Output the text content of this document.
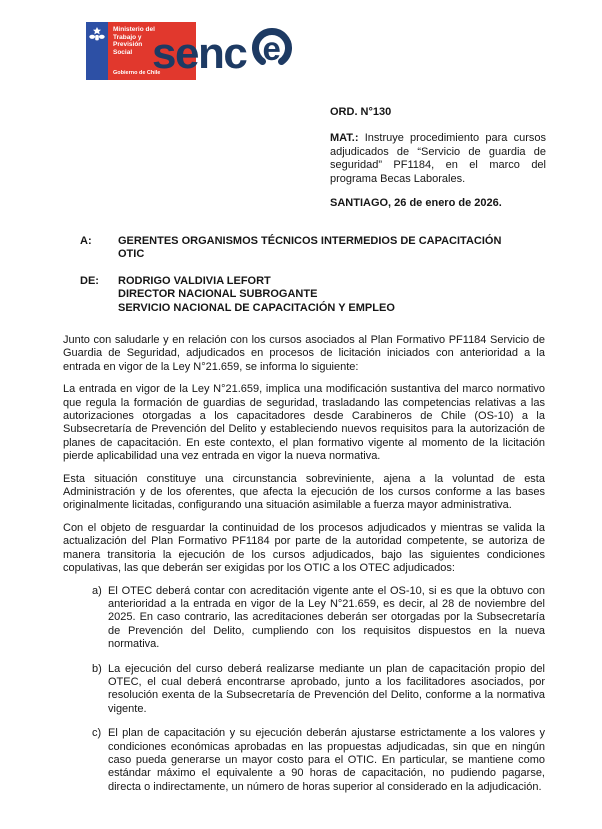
Ministerio del
Trabajo y
Previsión
Social
Gobierno de Chile
senc e
ORD. N°130
MAT.: Instruye procedimiento para cursos adjudicados de “Servicio de guardia de seguridad” PF1184, en el marco del programa Becas Laborales.
SANTIAGO, 26 de enero de 2026.
A:	GERENTES ORGANISMOS TÉCNICOS INTERMEDIOS DE CAPACITACIÓN
OTIC
DE:	RODRIGO VALDIVIA LEFORT
DIRECTOR NACIONAL SUBROGANTE
SERVICIO NACIONAL DE CAPACITACIÓN Y EMPLEO

Junto con saludarle y en relación con los cursos asociados al Plan Formativo PF1184 Servicio de Guardia de Seguridad, adjudicados en procesos de licitación iniciados con anterioridad a la entrada en vigor de la Ley N°21.659, se informa lo siguiente:

La entrada en vigor de la Ley N°21.659, implica una modificación sustantiva del marco normativo que regula la formación de guardias de seguridad, trasladando las competencias relativas a las autorizaciones otorgadas a los capacitadores desde Carabineros de Chile (OS-10) a la Subsecretaría de Prevención del Delito y estableciendo nuevos requisitos para la autorización de planes de capacitación. En este contexto, el plan formativo vigente al momento de la licitación pierde aplicabilidad una vez entrada en vigor la nueva normativa.

Esta situación constituye una circunstancia sobreviniente, ajena a la voluntad de esta Administración y de los oferentes, que afecta la ejecución de los cursos conforme a las bases originalmente licitadas, configurando una situación asimilable a fuerza mayor administrativa.

Con el objeto de resguardar la continuidad de los procesos adjudicados y mientras se valida la actualización del Plan Formativo PF1184 por parte de la autoridad competente, se autoriza de manera transitoria la ejecución de los cursos adjudicados, bajo las siguientes condiciones copulativas, las que deberán ser exigidas por los OTIC a los OTEC adjudicados:

a) El OTEC deberá contar con acreditación vigente ante el OS-10, si es que la obtuvo con anterioridad a la entrada en vigor de la Ley N°21.659, es decir, al 28 de noviembre del 2025. En caso contrario, las acreditaciones deberán ser otorgadas por la Subsecretaría de Prevención del Delito, cumpliendo con los requisitos dispuestos en la nueva normativa.
b) La ejecución del curso deberá realizarse mediante un plan de capacitación propio del OTEC, el cual deberá encontrarse aprobado, junto a los facilitadores asociados, por resolución exenta de la Subsecretaría de Prevención del Delito, conforme a la normativa vigente.
c) El plan de capacitación y su ejecución deberán ajustarse estrictamente a los valores y condiciones económicas aprobadas en las propuestas adjudicadas, sin que en ningún caso pueda generarse un mayor costo para el OTIC. En particular, se mantiene como estándar máximo el equivalente a 90 horas de capacitación, no pudiendo pagarse, directa o indirectamente, un número de horas superior al considerado en la adjudicación.
